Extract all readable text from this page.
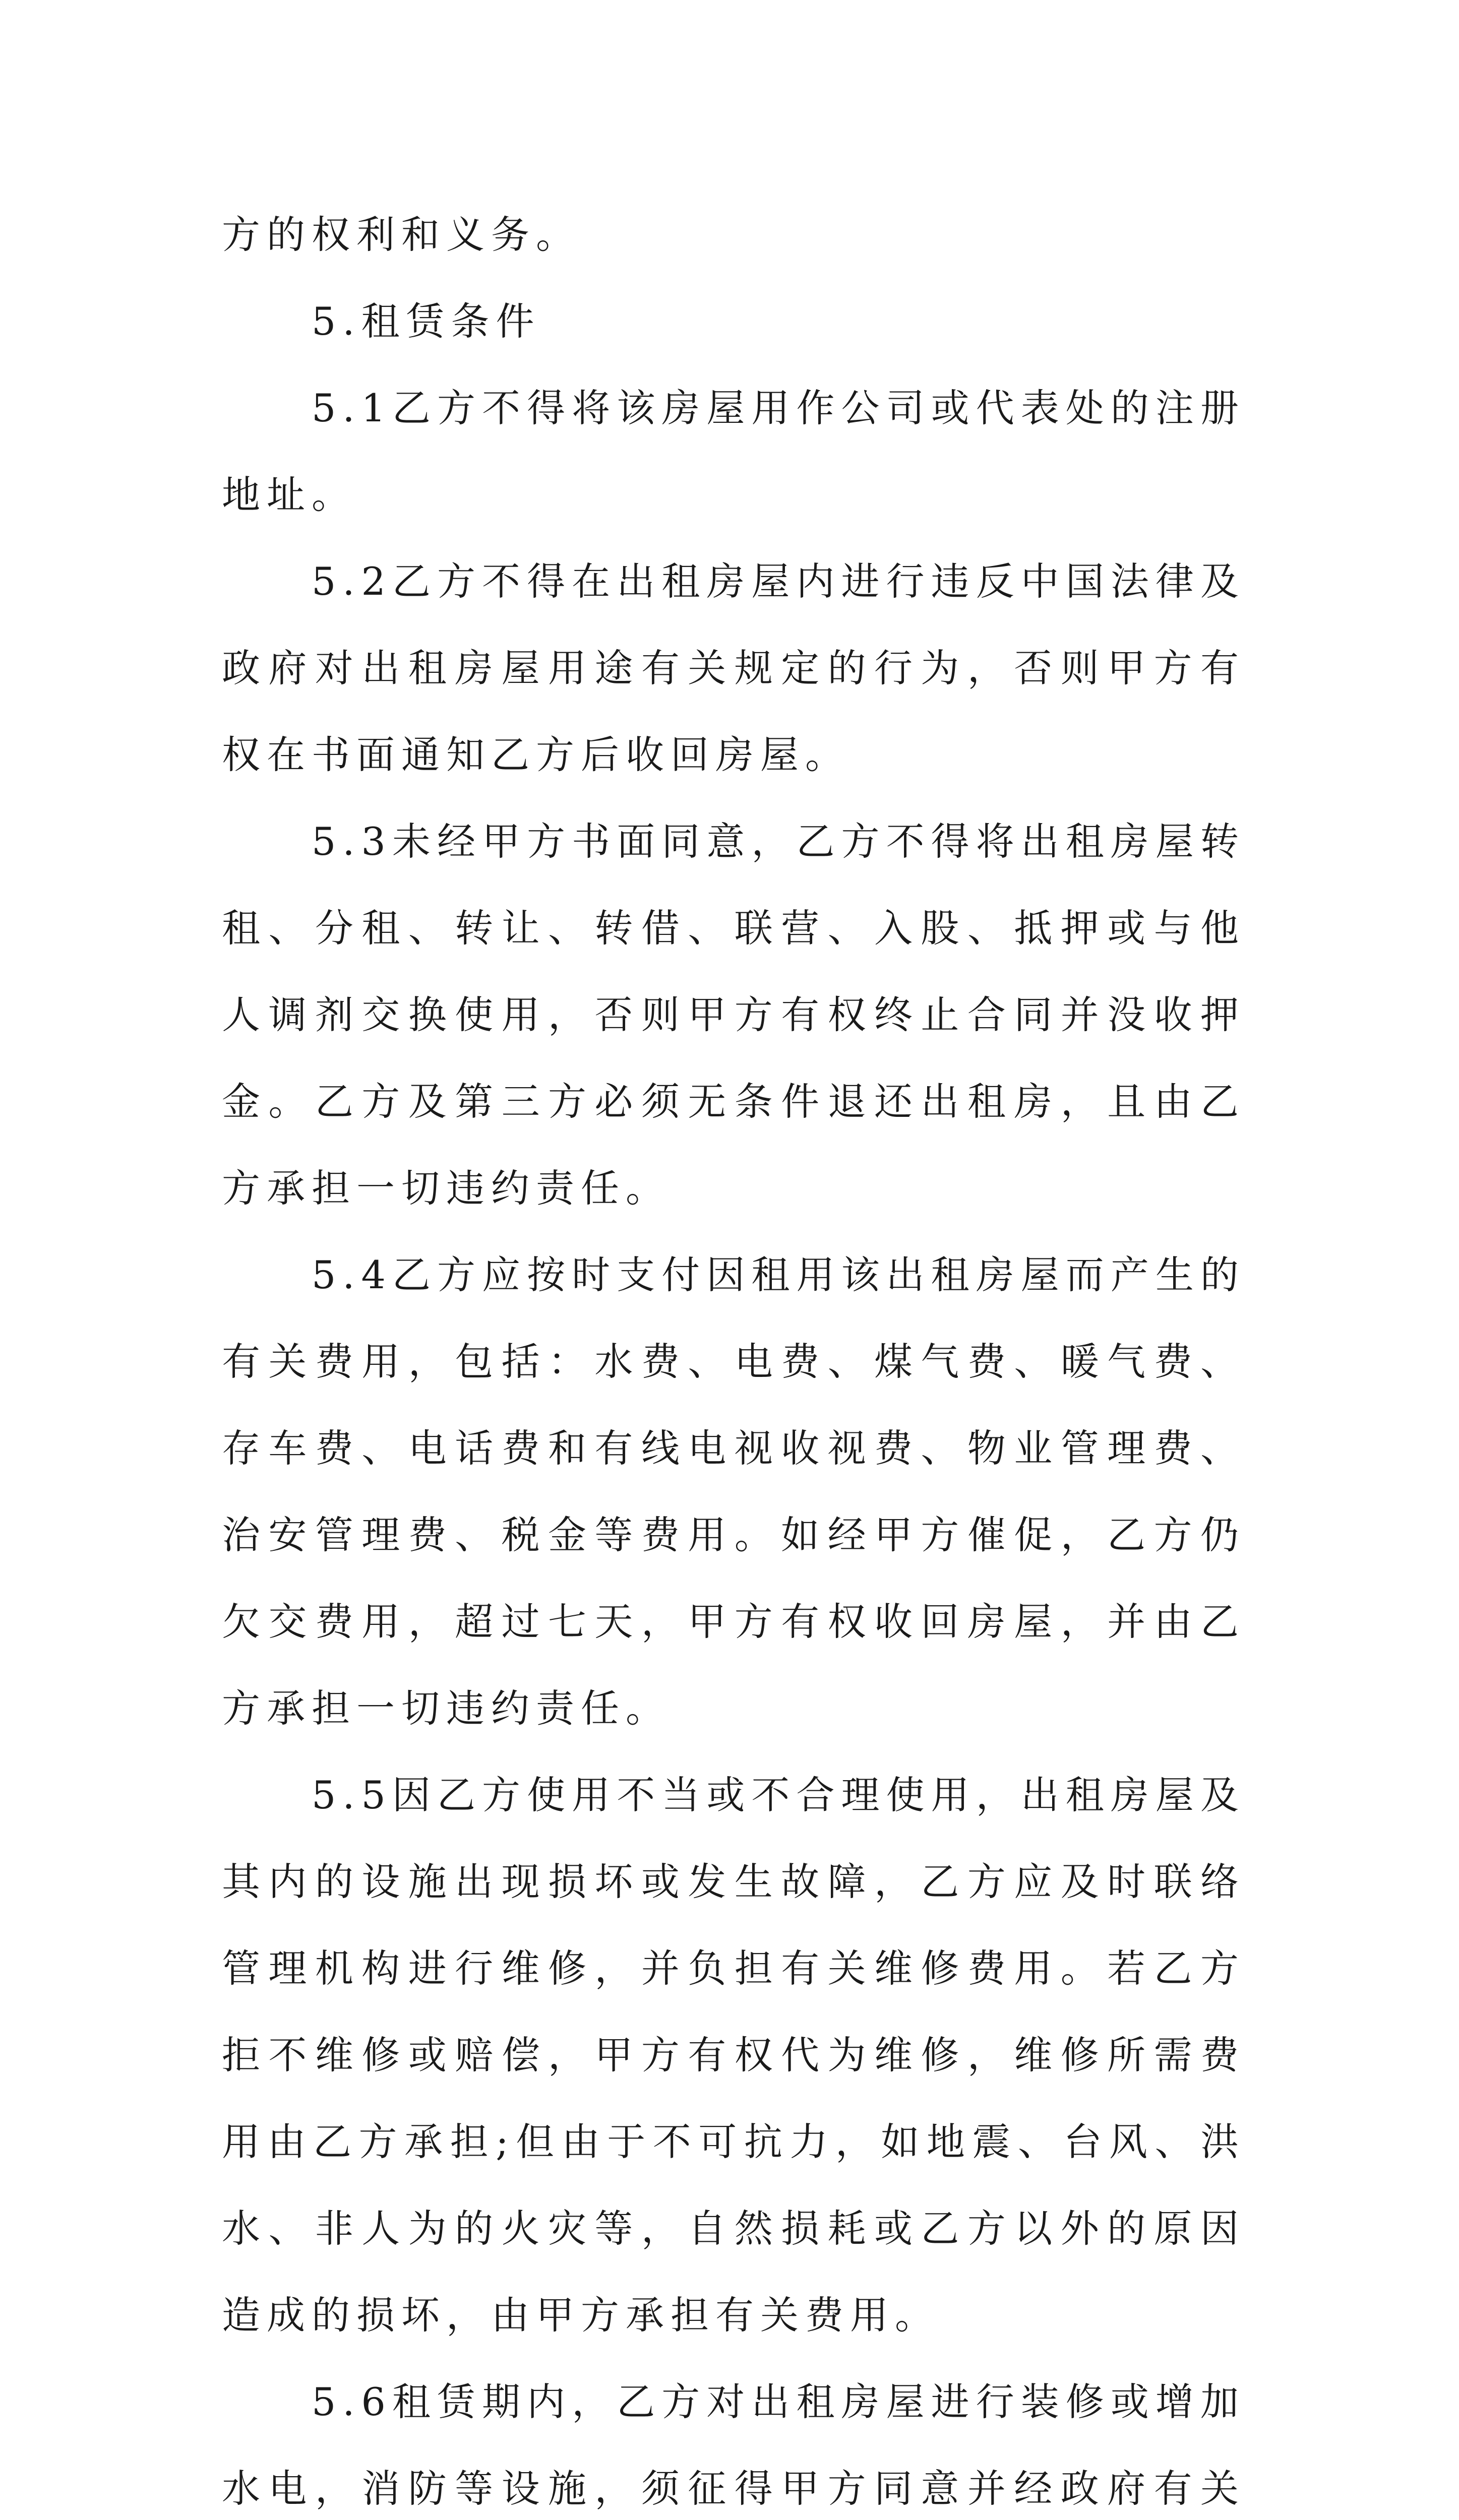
方的权利和义务。

5.租赁条件

5.1乙方不得将该房屋用作公司或代表处的注册地址。

5.2乙方不得在出租房屋内进行违反中国法律及政府对出租房屋用途有关规定的行为，否则甲方有权在书面通知乙方后收回房屋。

5.3未经甲方书面同意，乙方不得将出租房屋转租、分租、转让、转借、联营、入股、抵押或与他人调剂交换使用，否则甲方有权终止合同并没收押金。乙方及第三方必须无条件退还出租房，且由乙方承担一切违约责任。

5.4乙方应按时支付因租用该出租房屋而产生的有关费用，包括：水费、电费、煤气费、暖气费、存车费、电话费和有线电视收视费、物业管理费、治安管理费、税金等费用。如经甲方催促，乙方仍欠交费用，超过七天，甲方有权收回房屋，并由乙方承担一切违约责任。

5.5因乙方使用不当或不合理使用，出租房屋及其内的设施出现损坏或发生故障，乙方应及时联络管理机构进行维修，并负担有关维修费用。若乙方拒不维修或赔偿，甲方有权代为维修，维修所需费用由乙方承担;但由于不可抗力，如地震、台风、洪水、非人为的火灾等，自然损耗或乙方以外的原因造成的损坏，由甲方承担有关费用。

5.6租赁期内，乙方对出租房屋进行装修或增加水电，消防等设施，须征得甲方同意并经政府有关
